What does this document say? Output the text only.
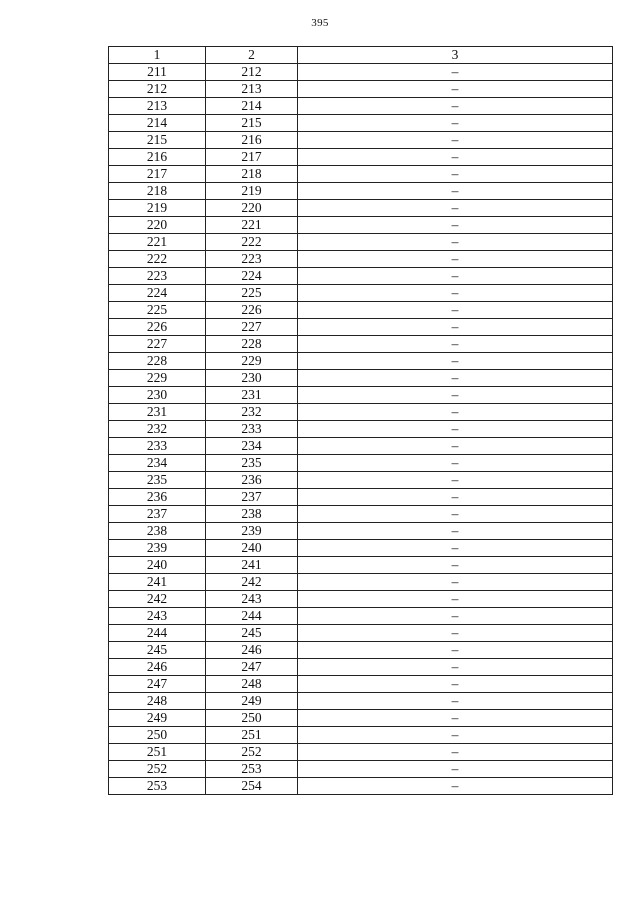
395
1	2	3
211	212	–
212	213	–
213	214	–
214	215	–
215	216	–
216	217	–
217	218	–
218	219	–
219	220	–
220	221	–
221	222	–
222	223	–
223	224	–
224	225	–
225	226	–
226	227	–
227	228	–
228	229	–
229	230	–
230	231	–
231	232	–
232	233	–
233	234	–
234	235	–
235	236	–
236	237	–
237	238	–
238	239	–
239	240	–
240	241	–
241	242	–
242	243	–
243	244	–
244	245	–
245	246	–
246	247	–
247	248	–
248	249	–
249	250	–
250	251	–
251	252	–
252	253	–
253	254	–
